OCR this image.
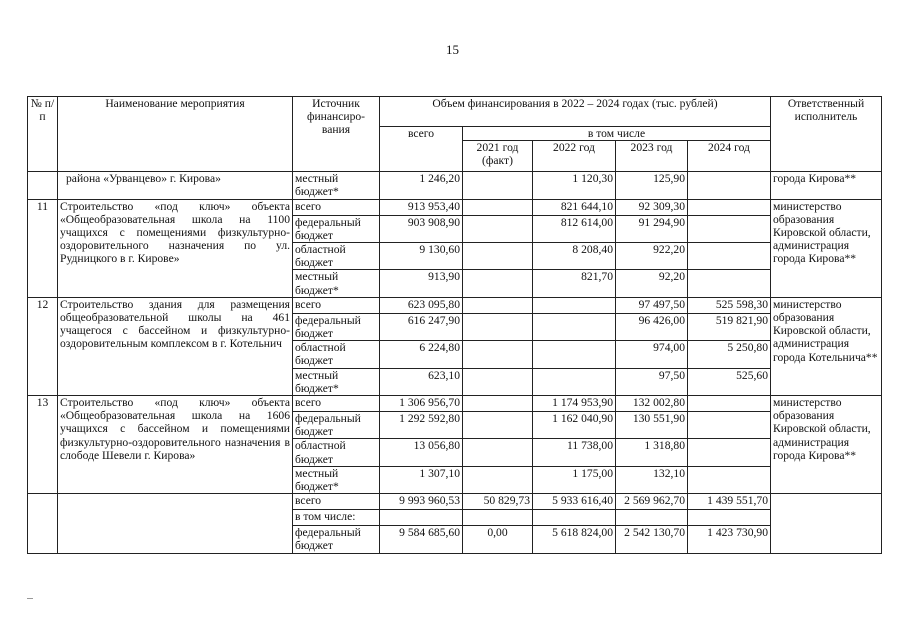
15
№ п/п	Наименование мероприятия	Источник финансиро-вания	Объем финансирования в 2022 – 2024 годах (тыс. рублей)					Ответственный исполнитель
			всего	в том числе				
				2021 год (факт)	2022 год	2023 год	2024 год	
	района «Урванцево» г. Кирова»	местный бюджет*	1 246,20		1 120,30	125,90		города Кирова**
11	Строительство «под ключ» объекта «Общеобразовательная школа на 1100 учащихся с помещениями физкультурно-оздоровительного назначения по ул. Рудницкого в г. Кирове»	всего	913 953,40		821 644,10	92 309,30		министерство образования Кировской области, администрация города Кирова**
		федеральный бюджет	903 908,90		812 614,00	91 294,90		
		областной бюджет	9 130,60		8 208,40	922,20		
		местный бюджет*	913,90		821,70	92,20		
12	Строительство здания для размещения общеобразовательной школы на 461 учащегося с бассейном и физкультурно-оздоровительным комплексом в г. Котельнич	всего	623 095,80			97 497,50	525 598,30	министерство образования Кировской области, администрация города Котельнича**
		федеральный бюджет	616 247,90			96 426,00	519 821,90	
		областной бюджет	6 224,80			974,00	5 250,80	
		местный бюджет*	623,10			97,50	525,60	
13	Строительство «под ключ» объекта «Общеобразовательная школа на 1606 учащихся с бассейном и помещениями физкультурно-оздоровительного назначения в слободе Шевели г. Кирова»	всего	1 306 956,70		1 174 953,90	132 002,80		министерство образования Кировской области, администрация города Кирова**
		федеральный бюджет	1 292 592,80		1 162 040,90	130 551,90		
		областной бюджет	13 056,80		11 738,00	1 318,80		
		местный бюджет*	1 307,10		1 175,00	132,10		
		всего	9 993 960,53	50 829,73	5 933 616,40	2 569 962,70	1 439 551,70	
		в том числе:						
		федеральный бюджет	9 584 685,60	0,00	5 618 824,00	2 542 130,70	1 423 730,90	
